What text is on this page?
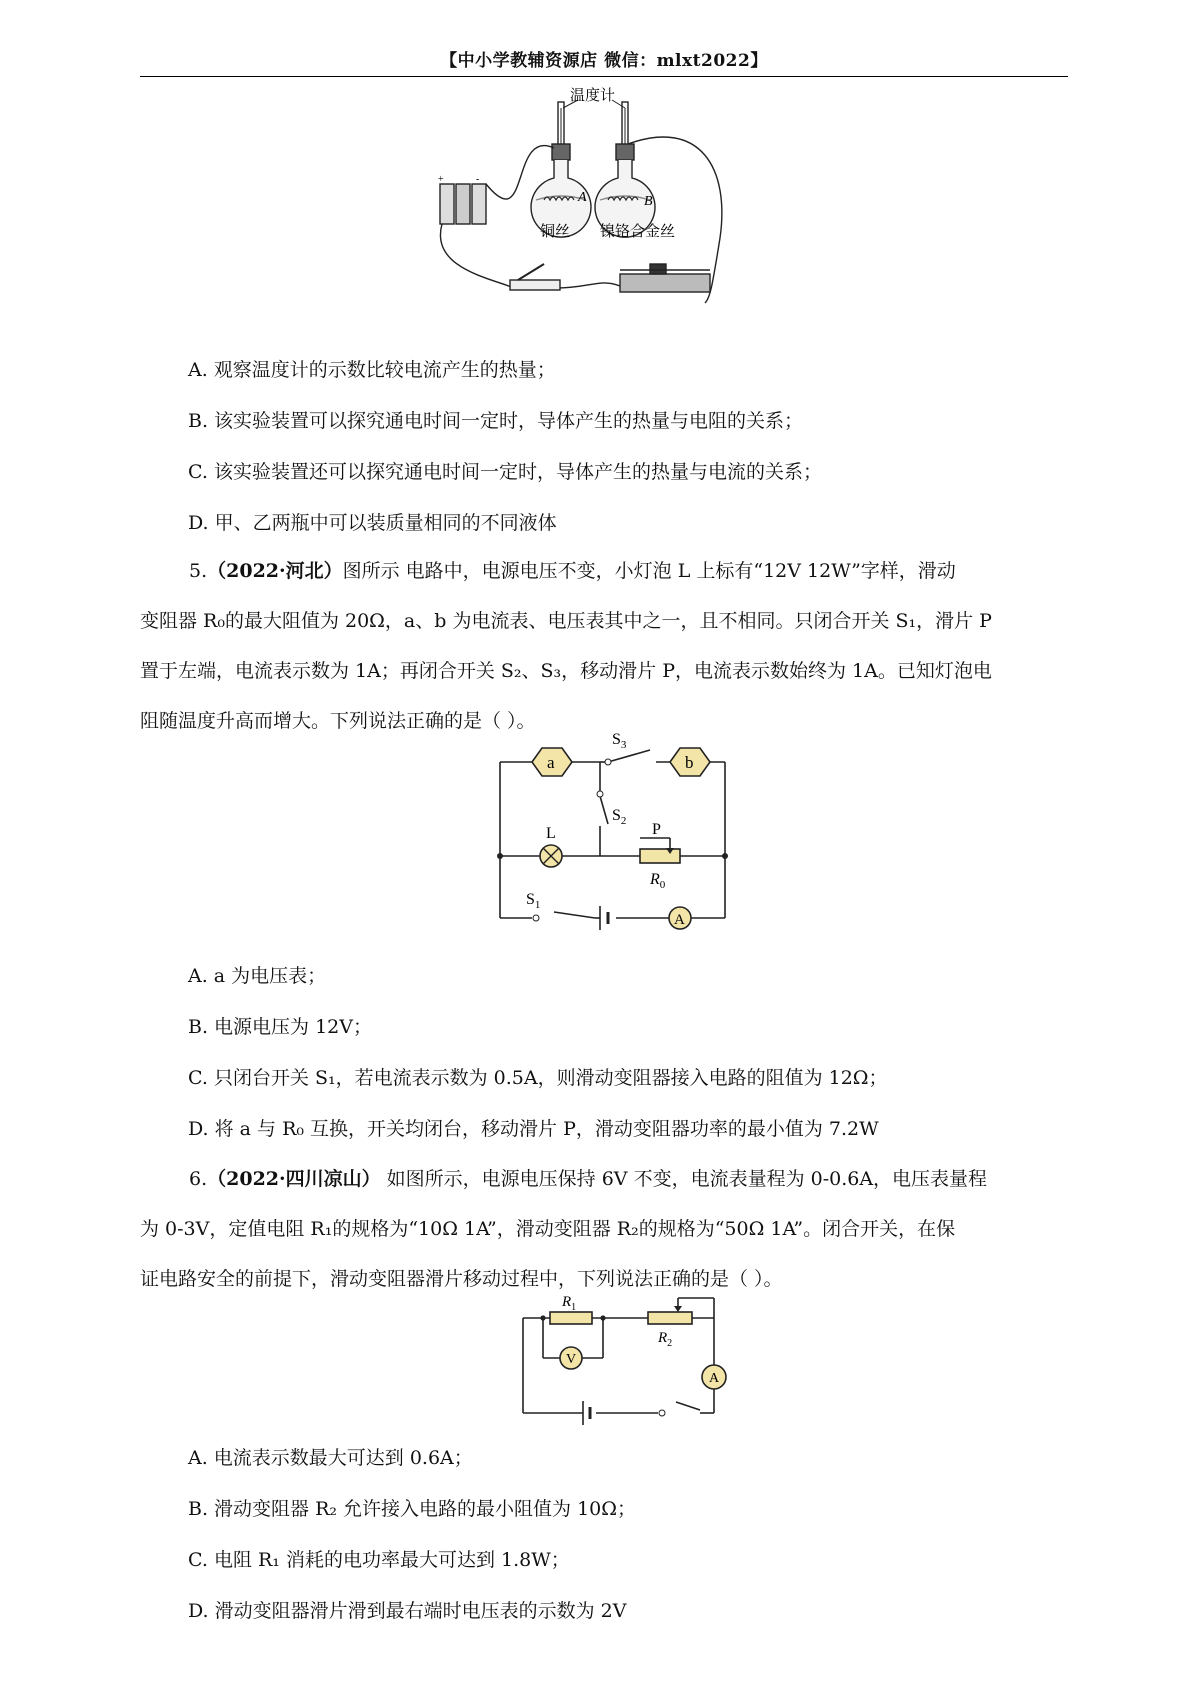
【中小学教辅资源店 微信：mlxt2022】
温度计
+	-
A	B
铜丝 镍铬合金丝
A. 观察温度计的示数比较电流产生的热量；
B. 该实验装置可以探究通电时间一定时，导体产生的热量与电阻的关系；
C. 该实验装置还可以探究通电时间一定时，导体产生的热量与电流的关系；
D. 甲、乙两瓶中可以装质量相同的不同液体

5.（2022·河北）图所示 电路中，电源电压不变，小灯泡 L 上标有“12V 12W”字样，滑动

变阻器 R₀的最大阻值为 20Ω，a、b 为电流表、电压表其中之一，且不相同。只闭合开关 S₁，滑片 P

置于左端，电流表示数为 1A；再闭合开关 S₂、S₃，移动滑片 P，电流表示数始终为 1A。已知灯泡电

阻随温度升高而增大。下列说法正确的是（ ）。

a	b
$S_3$
$S_2$
L	P
$R_0$
$S_1$
A
A. a 为电压表；
B. 电源电压为 12V；
C. 只闭台开关 S₁，若电流表示数为 0.5A，则滑动变阻器接入电路的阻值为 12Ω；
D. 将 a 与 R₀ 互换，开关均闭台，移动滑片 P，滑动变阻器功率的最小值为 7.2W

6.（2022·四川凉山） 如图所示，电源电压保持 6V 不变，电流表量程为 0-0.6A，电压表量程

为 0-3V，定值电阻 R₁的规格为“10Ω 1A”，滑动变阻器 R₂的规格为“50Ω 1A”。闭合开关，在保

证电路安全的前提下，滑动变阻器滑片移动过程中，下列说法正确的是（ ）。

$R_1$
$R_2$
V
A
A. 电流表示数最大可达到 0.6A；
B. 滑动变阻器 R₂ 允许接入电路的最小阻值为 10Ω；
C. 电阻 R₁ 消耗的电功率最大可达到 1.8W；
D. 滑动变阻器滑片滑到最右端时电压表的示数为 2V
